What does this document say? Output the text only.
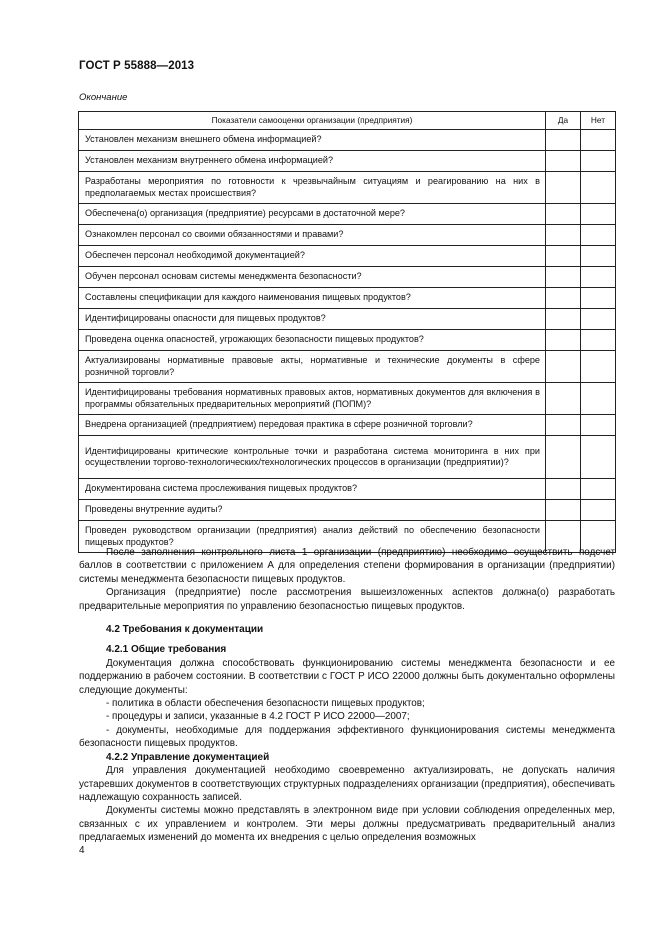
ГОСТ Р 55888—2013
Окончание
Показатели самооценки организации (предприятия)	Да	Нет
Установлен механизм внешнего обмена информацией?		
Установлен механизм внутреннего обмена информацией?		
Разработаны мероприятия по готовности к чрезвычайным ситуациям и реагированию на них в предполагаемых местах происшествия?		
Обеспечена(о) организация (предприятие) ресурсами в достаточной мере?		
Ознакомлен персонал со своими обязанностями и правами?		
Обеспечен персонал необходимой документацией?		
Обучен персонал основам системы менеджмента безопасности?		
Составлены спецификации для каждого наименования пищевых продуктов?		
Идентифицированы опасности для пищевых продуктов?		
Проведена оценка опасностей, угрожающих безопасности пищевых продуктов?		
Актуализированы нормативные правовые акты, нормативные и технические документы в сфере розничной торговли?		
Идентифицированы требования нормативных правовых актов, нормативных документов для включения в программы обязательных предварительных мероприятий (ПОПМ)?		
Внедрена организацией (предприятием) передовая практика в сфере розничной торговли?		
Идентифицированы критические контрольные точки и разработана система мониторинга в них при осуществлении торгово-технологических/технологических процессов в организации (предприятии)?		
Документирована система прослеживания пищевых продуктов?		
Проведены внутренние аудиты?		
Проведен руководством организации (предприятия) анализ действий по обеспечению безопасности пищевых продуктов?		

После заполнения контрольного листа 1 организации (предприятию) необходимо осуществить подсчет баллов в соответствии с приложением А для определения степени формирования в организации (предприятии) системы менеджмента безопасности пищевых продуктов.

Организация (предприятие) после рассмотрения вышеизложенных аспектов должна(о) разработать предварительные мероприятия по управлению безопасностью пищевых продуктов.

4.2 Требования к документации
4.2.1 Общие требования

Документация должна способствовать функционированию системы менеджмента безопасности и ее поддержанию в рабочем состоянии. В соответствии с ГОСТ Р ИСО 22000 должны быть документально оформлены следующие документы:

- политика в области обеспечения безопасности пищевых продуктов;

- процедуры и записи, указанные в 4.2 ГОСТ Р ИСО 22000—2007;

- документы, необходимые для поддержания эффективного функционирования системы менеджмента безопасности пищевых продуктов.

4.2.2 Управление документацией

Для управления документацией необходимо своевременно актуализировать, не допускать наличия устаревших документов в соответствующих структурных подразделениях организации (предприятия), обеспечивать надлежащую сохранность записей.

Документы системы можно представлять в электронном виде при условии соблюдения определенных мер, связанных с их управлением и контролем. Эти меры должны предусматривать предварительный анализ предлагаемых изменений до момента их внедрения с целью определения возможных

4
